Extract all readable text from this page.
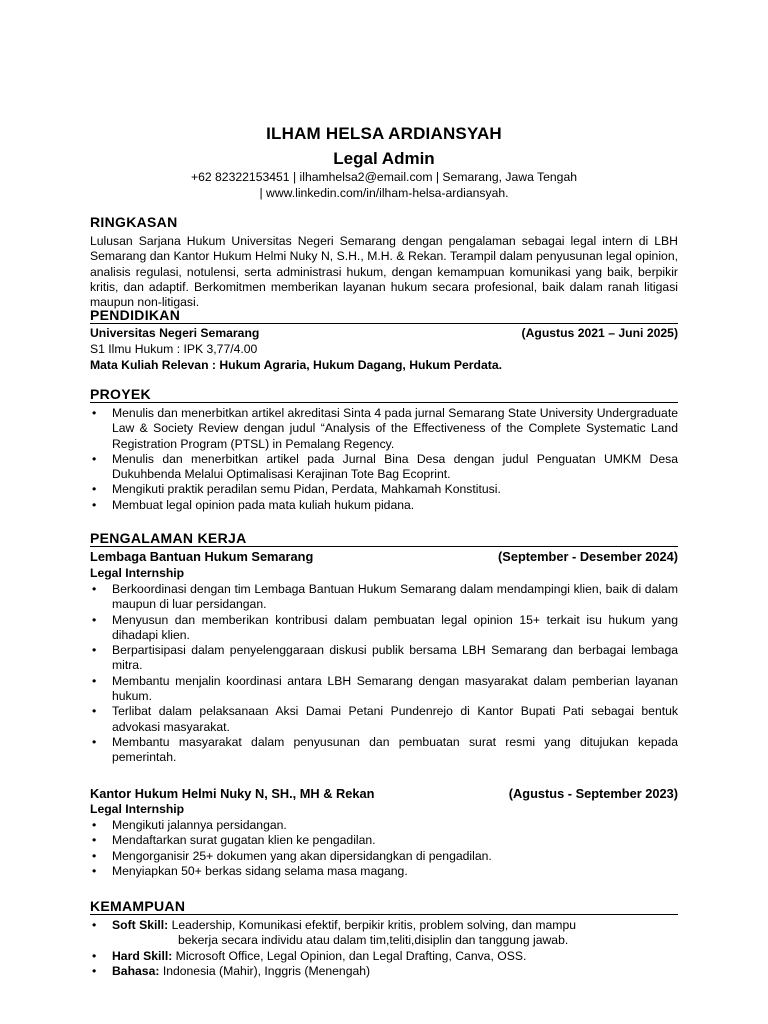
ILHAM HELSA ARDIANSYAH
Legal Admin
+62 82322153451 | ilhamhelsa2@email.com | Semarang, Jawa Tengah
| www.linkedin.com/in/ilham-helsa-ardiansyah.
RINGKASAN
Lulusan Sarjana Hukum Universitas Negeri Semarang dengan pengalaman sebagai legal intern di LBH Semarang dan Kantor Hukum Helmi Nuky N, S.H., M.H. & Rekan. Terampil dalam penyusunan legal opinion, analisis regulasi, notulensi, serta administrasi hukum, dengan kemampuan komunikasi yang baik, berpikir kritis, dan adaptif. Berkomitmen memberikan layanan hukum secara profesional, baik dalam ranah litigasi maupun non-litigasi.
PENDIDIKAN
Universitas Negeri Semarang	(Agustus 2021 – Juni 2025)
S1 Ilmu Hukum : IPK 3,77/4.00
Mata Kuliah Relevan : Hukum Agraria, Hukum Dagang, Hukum Perdata.
PROYEK
• Menulis dan menerbitkan artikel akreditasi Sinta 4 pada jurnal Semarang State University Undergraduate Law & Society Review dengan judul “Analysis of the Effectiveness of the Complete Systematic Land Registration Program (PTSL) in Pemalang Regency.
• Menulis dan menerbitkan artikel pada Jurnal Bina Desa dengan judul Penguatan UMKM Desa Dukuhbenda Melalui Optimalisasi Kerajinan Tote Bag Ecoprint.
• Mengikuti praktik peradilan semu Pidan, Perdata, Mahkamah Konstitusi.
• Membuat legal opinion pada mata kuliah hukum pidana.
PENGALAMAN KERJA
Lembaga Bantuan Hukum Semarang	(September - Desember 2024)
Legal Internship
• Berkoordinasi dengan tim Lembaga Bantuan Hukum Semarang dalam mendampingi klien, baik di dalam maupun di luar persidangan.
• Menyusun dan memberikan kontribusi dalam pembuatan legal opinion 15+ terkait isu hukum yang dihadapi klien.
• Berpartisipasi dalam penyelenggaraan diskusi publik bersama LBH Semarang dan berbagai lembaga mitra.
• Membantu menjalin koordinasi antara LBH Semarang dengan masyarakat dalam pemberian layanan hukum.
• Terlibat dalam pelaksanaan Aksi Damai Petani Pundenrejo di Kantor Bupati Pati sebagai bentuk advokasi masyarakat.
• Membantu masyarakat dalam penyusunan dan pembuatan surat resmi yang ditujukan kepada pemerintah.
Kantor Hukum Helmi Nuky N, SH., MH & Rekan	(Agustus - September 2023)
Legal Internship
• Mengikuti jalannya persidangan.
• Mendaftarkan surat gugatan klien ke pengadilan.
• Mengorganisir 25+ dokumen yang akan dipersidangkan di pengadilan.
• Menyiapkan 50+ berkas sidang selama masa magang.
KEMAMPUAN
• Soft Skill: Leadership, Komunikasi efektif, berpikir kritis, problem solving, dan mampu
bekerja secara individu atau dalam tim,teliti,disiplin dan tanggung jawab.
• Hard Skill: Microsoft Office, Legal Opinion, dan Legal Drafting, Canva, OSS.
• Bahasa: Indonesia (Mahir), Inggris (Menengah)
